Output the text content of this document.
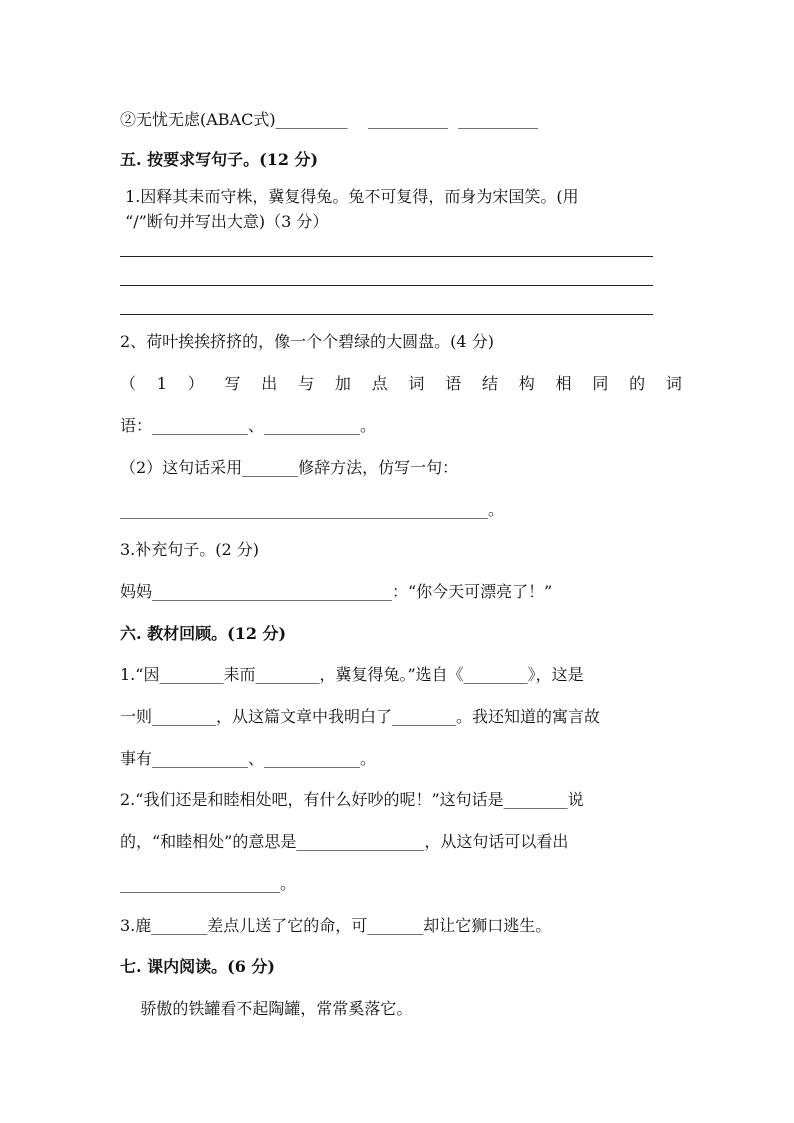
②无忧无虑(ABAC式)_________    __________  __________
五. 按要求写句子。(12 分)
1.因释其耒而守株，冀复得兔。兔不可复得，而身为宋国笑。(用
“/”断句并写出大意)（3 分）
2、荷叶挨挨挤挤的，像一个个碧绿的大圆盘。(4 分)
（ 1 ） 写 出 与 加 点 词 语 结 构 相 同 的 词
语：____________、____________。
（2）这句话采用_______修辞方法，仿写一句：
______________________________________________。
3.补充句子。(2 分)
妈妈______________________________：“你今天可漂亮了！”
六. 教材回顾。(12 分)
1.“因________耒而________，冀复得兔。”选自《________》，这是
一则________，从这篇文章中我明白了________。我还知道的寓言故
事有____________、____________。
2.“我们还是和睦相处吧，有什么好吵的呢！”这句话是________说
的，“和睦相处”的意思是________________，从这句话可以看出
____________________。
3.鹿_______差点儿送了它的命，可_______却让它狮口逃生。
七. 课内阅读。(6 分)
骄傲的铁罐看不起陶罐，常常奚落它。
